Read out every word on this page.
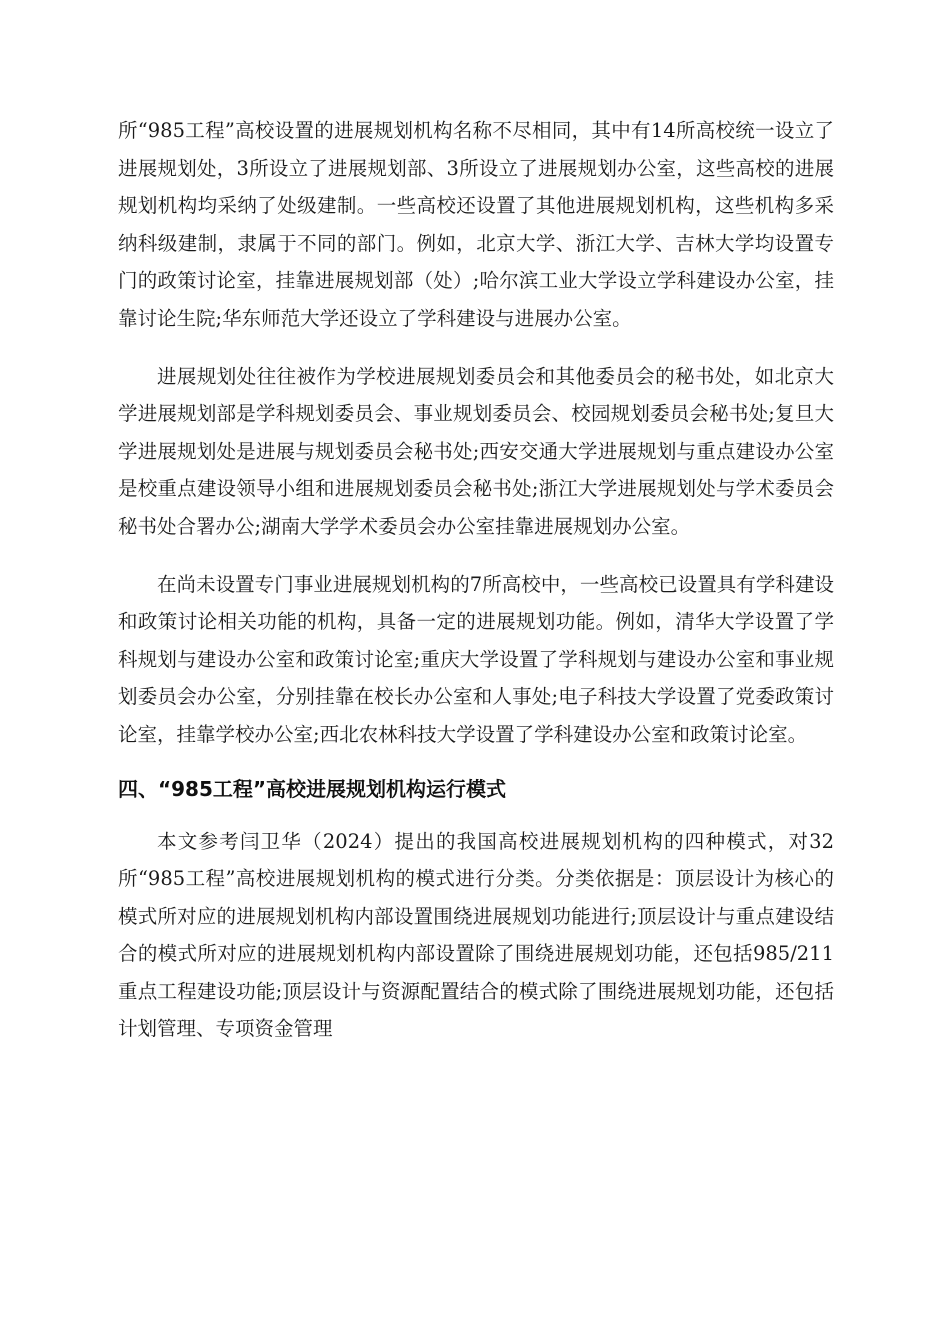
所“985工程”高校设置的进展规划机构名称不尽相同，其中有14所高校统一设立了进展规划处，3所设立了进展规划部、3所设立了进展规划办公室，这些高校的进展规划机构均采纳了处级建制。一些高校还设置了其他进展规划机构，这些机构多采纳科级建制，隶属于不同的部门。例如，北京大学、浙江大学、吉林大学均设置专门的政策讨论室，挂靠进展规划部（处）;哈尔滨工业大学设立学科建设办公室，挂靠讨论生院;华东师范大学还设立了学科建设与进展办公室。

进展规划处往往被作为学校进展规划委员会和其他委员会的秘书处，如北京大学进展规划部是学科规划委员会、事业规划委员会、校园规划委员会秘书处;复旦大学进展规划处是进展与规划委员会秘书处;西安交通大学进展规划与重点建设办公室是校重点建设领导小组和进展规划委员会秘书处;浙江大学进展规划处与学术委员会秘书处合署办公;湖南大学学术委员会办公室挂靠进展规划办公室。

在尚未设置专门事业进展规划机构的7所高校中，一些高校已设置具有学科建设和政策讨论相关功能的机构，具备一定的进展规划功能。例如，清华大学设置了学科规划与建设办公室和政策讨论室;重庆大学设置了学科规划与建设办公室和事业规划委员会办公室，分别挂靠在校长办公室和人事处;电子科技大学设置了党委政策讨论室，挂靠学校办公室;西北农林科技大学设置了学科建设办公室和政策讨论室。

四、“985工程”高校进展规划机构运行模式

本文参考闫卫华（2024）提出的我国高校进展规划机构的四种模式，对32所“985工程”高校进展规划机构的模式进行分类。分类依据是：顶层设计为核心的模式所对应的进展规划机构内部设置围绕进展规划功能进行;顶层设计与重点建设结合的模式所对应的进展规划机构内部设置除了围绕进展规划功能，还包括985/211重点工程建设功能;顶层设计与资源配置结合的模式除了围绕进展规划功能，还包括计划管理、专项资金管理
